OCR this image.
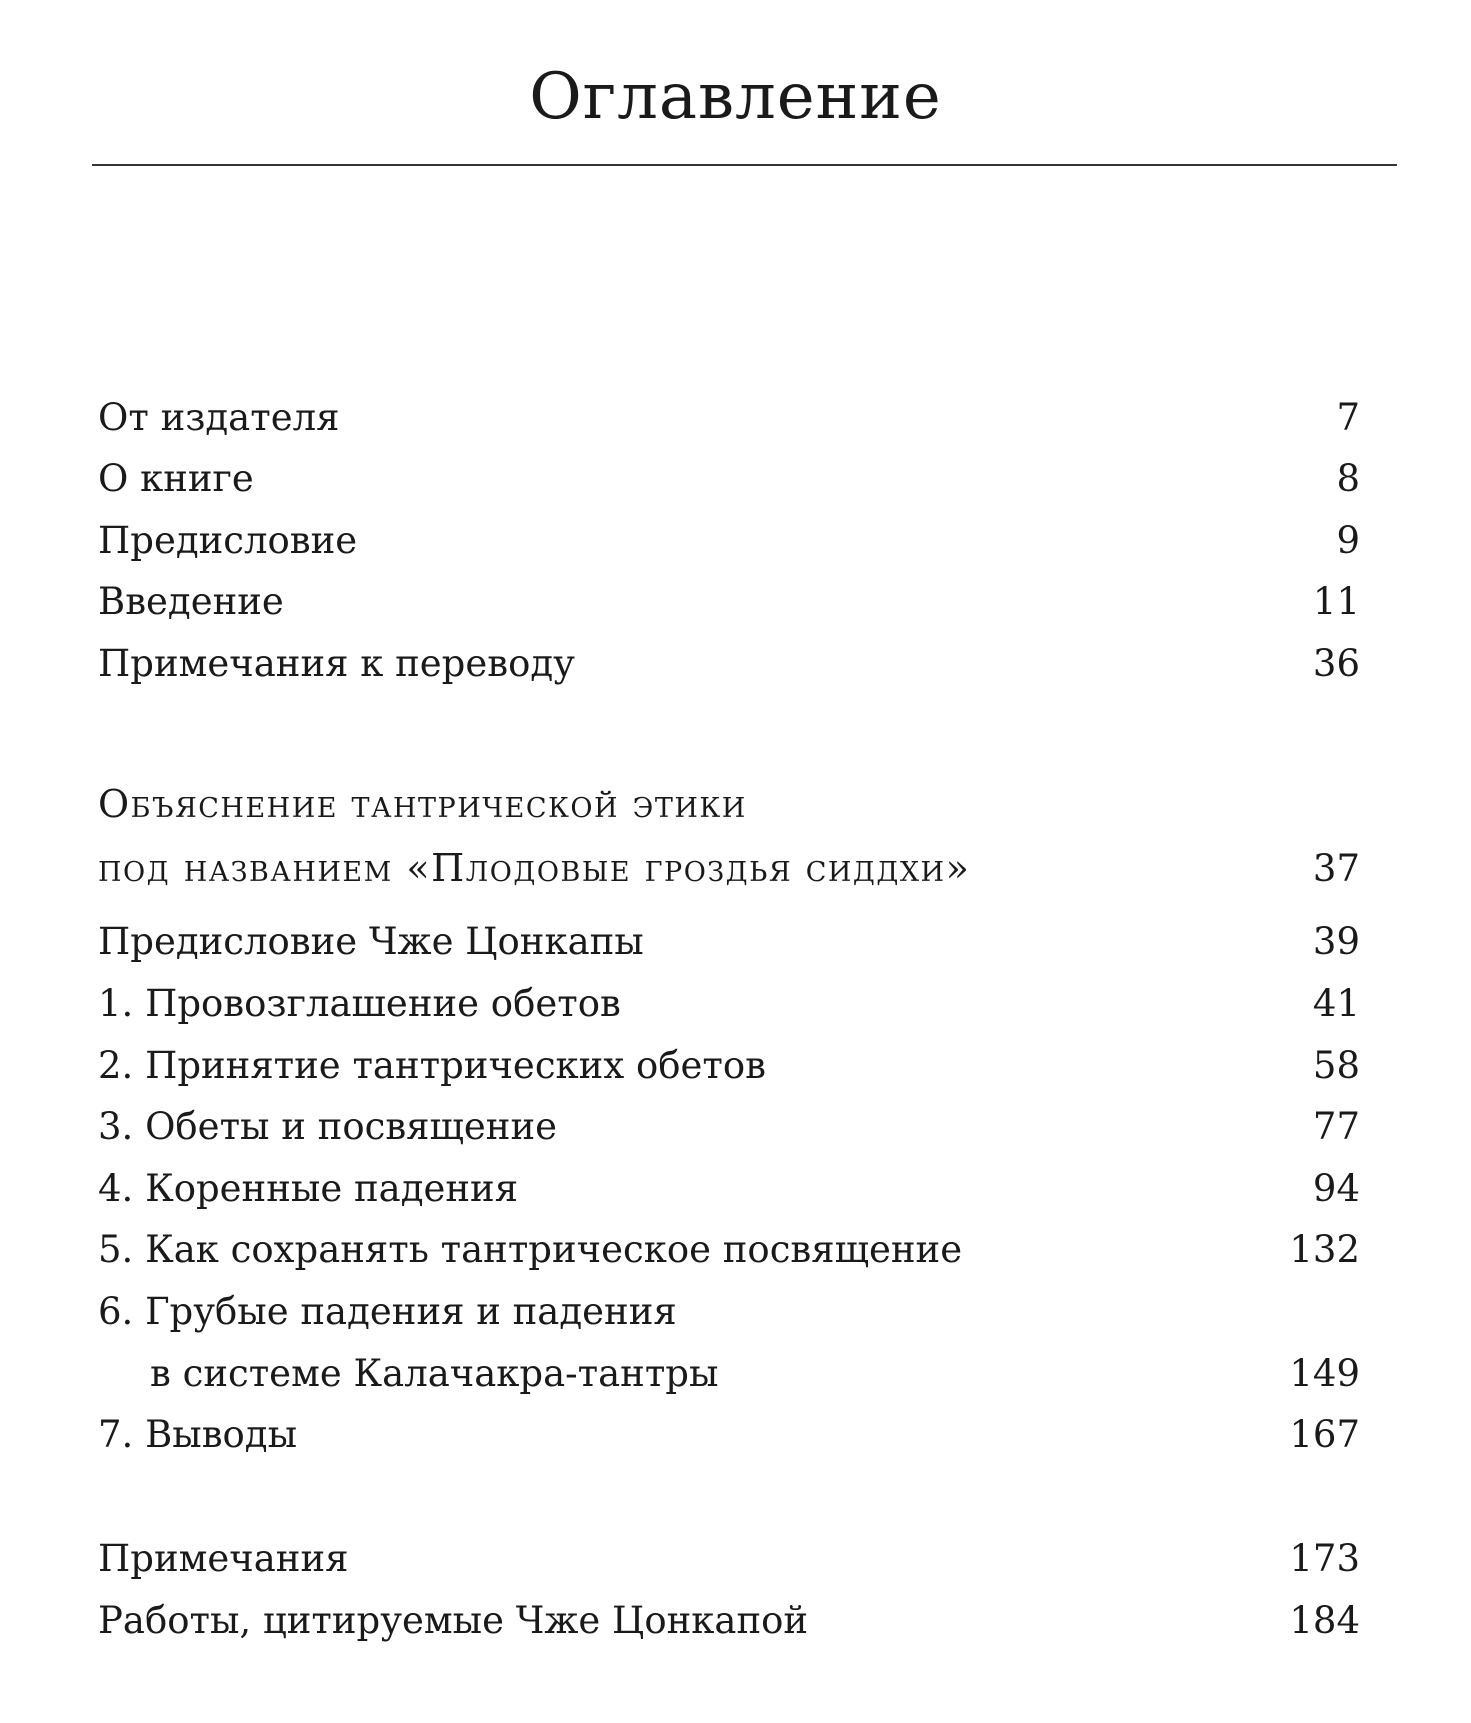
Оглавление
От издателя	7
О книге	8
Предисловие	9
Введение	11
Примечания к переводу	36
Объяснение тантрической этики
под названием «Плодовые гроздья сиддхи»	37
Предисловие Чже Цонкапы	39
1. Провозглашение обетов	41
2. Принятие тантрических обетов	58
3. Обеты и посвящение	77
4. Коренные падения	94
5. Как сохранять тантрическое посвящение	132
6. Грубые падения и падения
в системе Калачакра-тантры	149
7. Выводы	167
Примечания	173
Работы, цитируемые Чже Цонкапой	184
